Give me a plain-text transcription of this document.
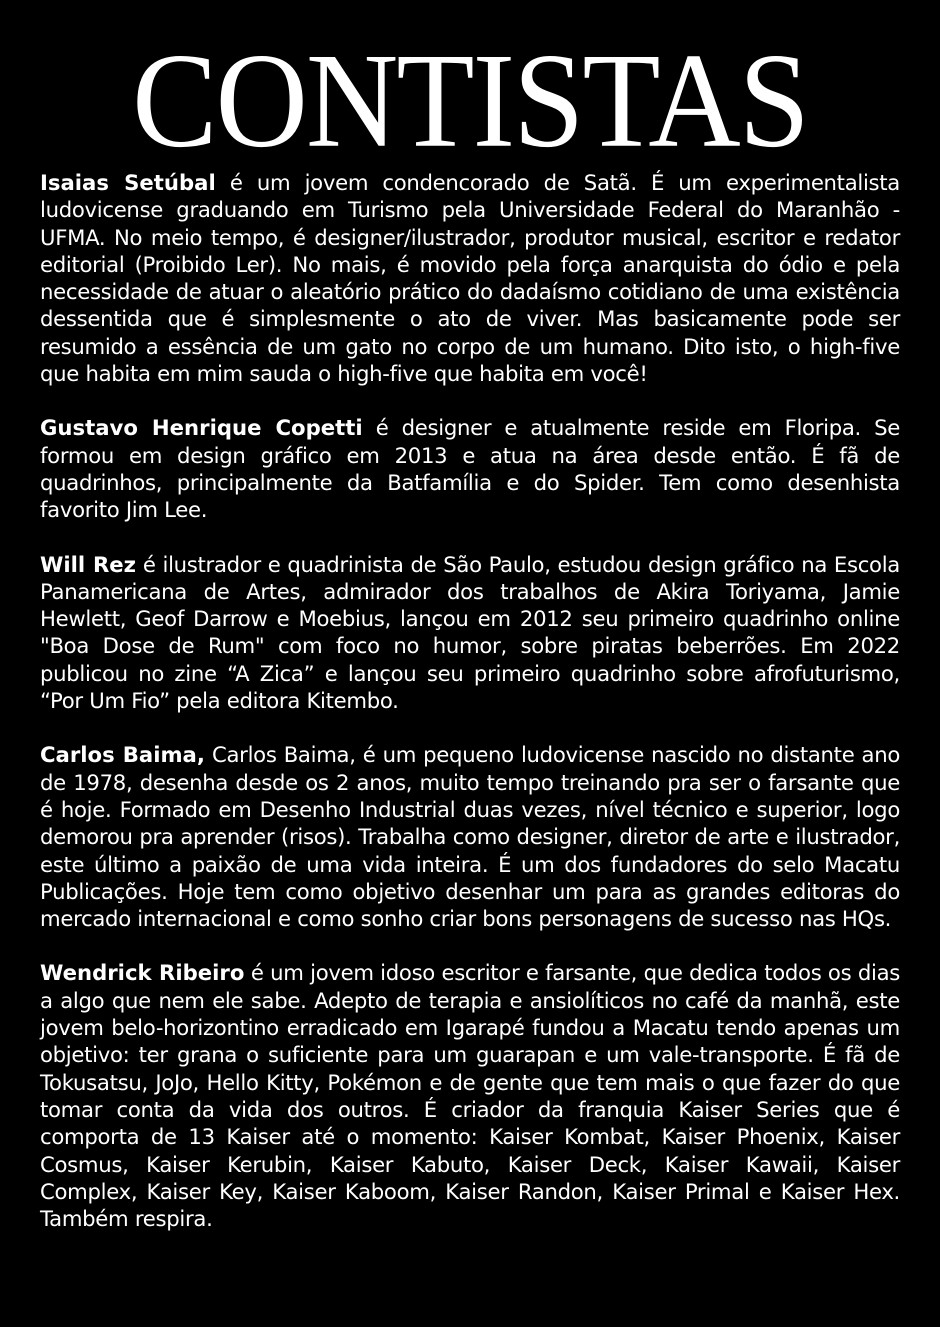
CONTISTAS

Isaias Setúbal é um jovem condencorado de Satã. É um experimentalista ludovicense graduando em Turismo pela Universidade Federal do Maranhão - UFMA. No meio tempo, é designer/ilustrador, produtor musical, escritor e redator editorial (Proibido Ler). No mais, é movido pela força anarquista do ódio e pela necessidade de atuar o aleatório prático do dadaísmo cotidiano de uma existência dessentida que é simplesmente o ato de viver. Mas basicamente pode ser resumido a essência de um gato no corpo de um humano. Dito isto, o high-five que habita em mim sauda o high-five que habita em você!

Gustavo Henrique Copetti é designer e atualmente reside em Floripa. Se formou em design gráfico em 2013 e atua na área desde então. É fã de quadrinhos, principalmente da Batfamília e do Spider. Tem como desenhista favorito Jim Lee.

Will Rez é ilustrador e quadrinista de São Paulo, estudou design gráfico na Escola Panamericana de Artes, admirador dos trabalhos de Akira Toriyama, Jamie Hewlett, Geof Darrow e Moebius, lançou em 2012 seu primeiro quadrinho online "Boa Dose de Rum" com foco no humor, sobre piratas beberrões. Em 2022 publicou no zine “A Zica” e lançou seu primeiro quadrinho sobre afrofuturismo, “Por Um Fio” pela editora Kitembo.

Carlos Baima, Carlos Baima, é um pequeno ludovicense nascido no distante ano de 1978, desenha desde os 2 anos, muito tempo treinando pra ser o farsante que é hoje. Formado em Desenho Industrial duas vezes, nível técnico e superior, logo demorou pra aprender (risos). Trabalha como designer, diretor de arte e ilustrador, este último a paixão de uma vida inteira. É um dos fundadores do selo Macatu Publicações. Hoje tem como objetivo desenhar um para as grandes editoras do mercado internacional e como sonho criar bons personagens de sucesso nas HQs.

Wendrick Ribeiro é um jovem idoso escritor e farsante, que dedica todos os dias a algo que nem ele sabe. Adepto de terapia e ansiolíticos no café da manhã, este jovem belo-horizontino erradicado em Igarapé fundou a Macatu tendo apenas um objetivo: ter grana o suficiente para um guarapan e um vale-transporte. É fã de Tokusatsu, JoJo, Hello Kitty, Pokémon e de gente que tem mais o que fazer do que tomar conta da vida dos outros. É criador da franquia Kaiser Series que é comporta de 13 Kaiser até o momento: Kaiser Kombat, Kaiser Phoenix, Kaiser Cosmus, Kaiser Kerubin, Kaiser Kabuto, Kaiser Deck, Kaiser Kawaii, Kaiser Complex, Kaiser Key, Kaiser Kaboom, Kaiser Randon, Kaiser Primal e Kaiser Hex. Também respira.
